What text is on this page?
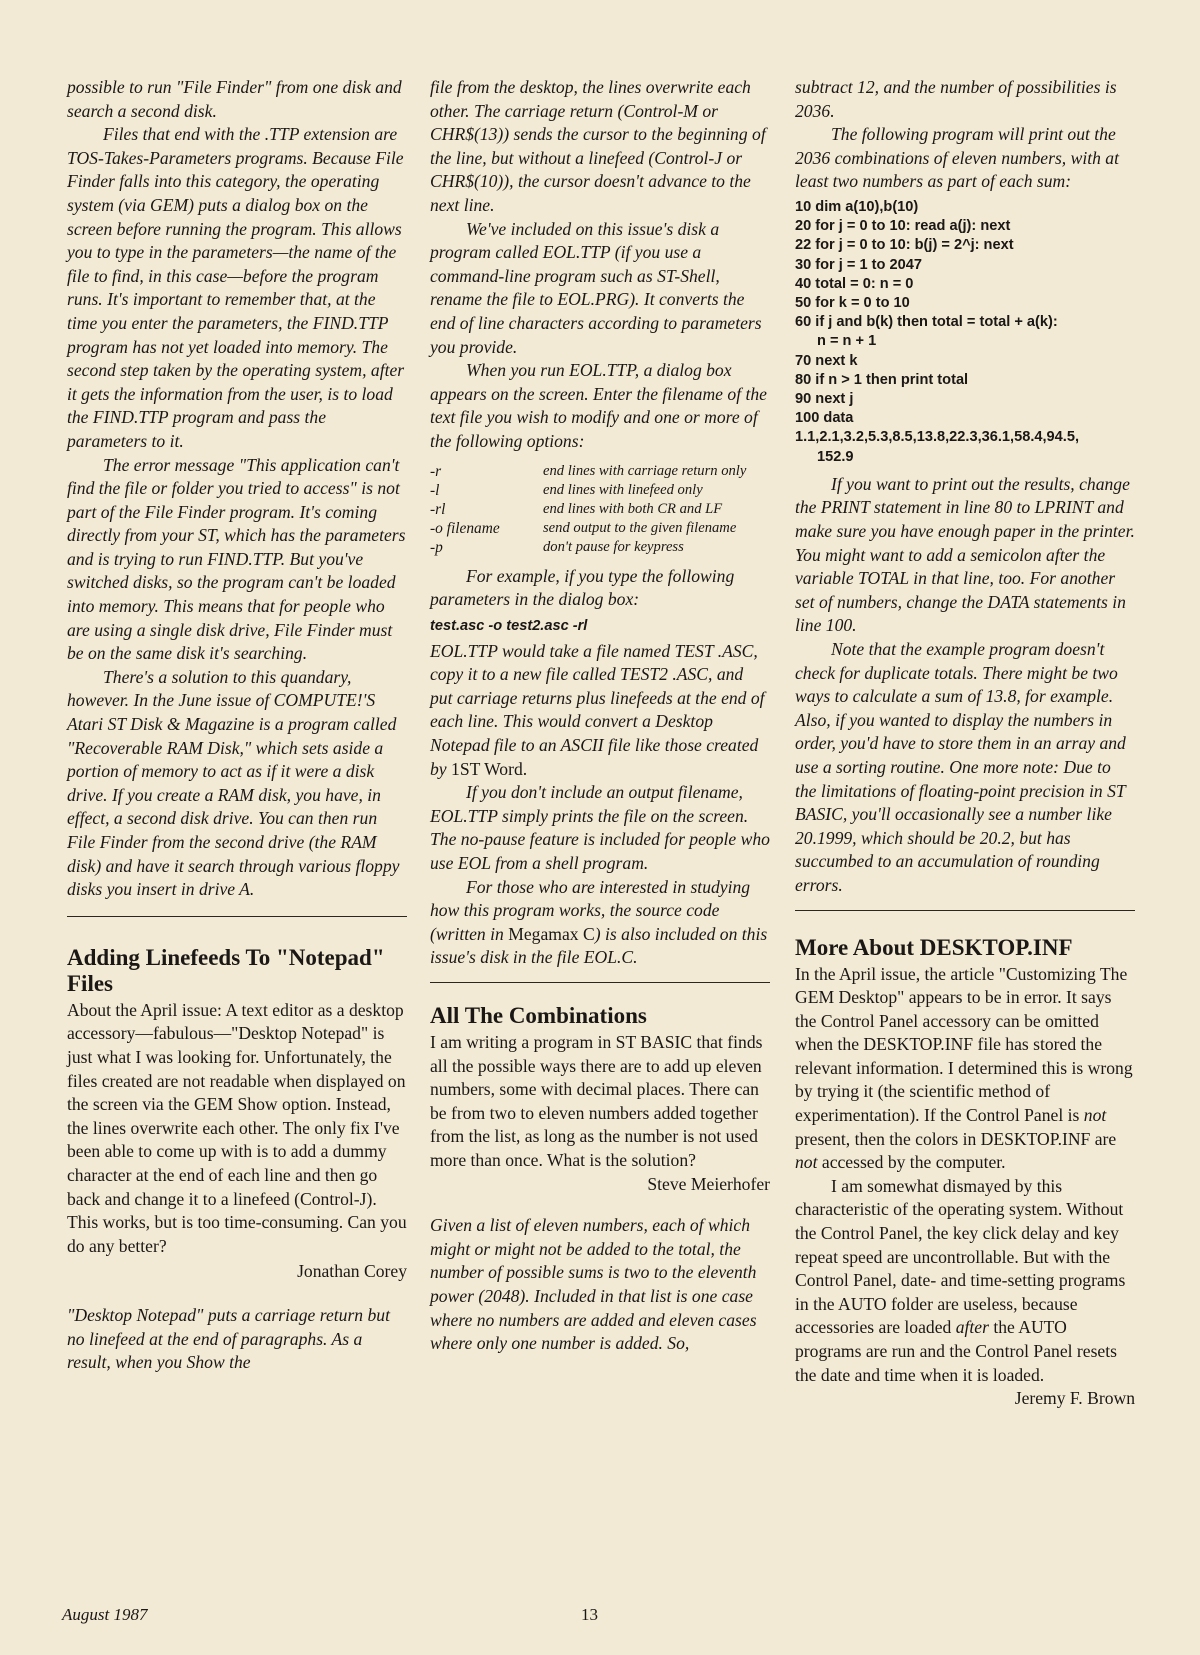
possible to run "File Finder" from one disk and search a second disk.

Files that end with the .TTP extension are TOS-Takes-Parameters programs. Because File Finder falls into this category, the operating system (via GEM) puts a dialog box on the screen before running the program. This allows you to type in the parameters—the name of the file to find, in this case—before the program runs. It's important to remember that, at the time you enter the parameters, the FIND.TTP program has not yet loaded into memory. The second step taken by the operating system, after it gets the information from the user, is to load the FIND.TTP program and pass the parameters to it.

The error message "This application can't find the file or folder you tried to access" is not part of the File Finder program. It's coming directly from your ST, which has the parameters and is trying to run FIND.TTP. But you've switched disks, so the program can't be loaded into memory. This means that for people who are using a single disk drive, File Finder must be on the same disk it's searching.

There's a solution to this quandary, however. In the June issue of COMPUTE!'S Atari ST Disk & Magazine is a program called "Recoverable RAM Disk," which sets aside a portion of memory to act as if it were a disk drive. If you create a RAM disk, you have, in effect, a second disk drive. You can then run File Finder from the second drive (the RAM disk) and have it search through various floppy disks you insert in drive A.

Adding Linefeeds To "Notepad" Files

About the April issue: A text editor as a desktop accessory—fabulous—"Desktop Notepad" is just what I was looking for. Unfortunately, the files created are not readable when displayed on the screen via the GEM Show option. Instead, the lines overwrite each other. The only fix I've been able to come up with is to add a dummy character at the end of each line and then go back and change it to a linefeed (Control-J). This works, but is too time-consuming. Can you do any better?

Jonathan Corey

"Desktop Notepad" puts a carriage return but no linefeed at the end of paragraphs. As a result, when you Show the

file from the desktop, the lines overwrite each other. The carriage return (Control-M or CHR$(13)) sends the cursor to the beginning of the line, but without a linefeed (Control-J or CHR$(10)), the cursor doesn't advance to the next line.

We've included on this issue's disk a program called EOL.TTP (if you use a command-line program such as ST-Shell, rename the file to EOL.PRG). It converts the end of line characters according to parameters you provide.

When you run EOL.TTP, a dialog box appears on the screen. Enter the filename of the text file you wish to modify and one or more of the following options:

-r	end lines with carriage return only
-l	end lines with linefeed only
-rl	end lines with both CR and LF
-o filename	send output to the given filename
-p	don't pause for keypress

For example, if you type the following parameters in the dialog box:

test.asc -o test2.asc -rl

EOL.TTP would take a file named TEST .ASC, copy it to a new file called TEST2 .ASC, and put carriage returns plus linefeeds at the end of each line. This would convert a Desktop Notepad file to an ASCII file like those created by 1ST Word.

If you don't include an output filename, EOL.TTP simply prints the file on the screen. The no-pause feature is included for people who use EOL from a shell program.

For those who are interested in studying how this program works, the source code (written in Megamax C) is also included on this issue's disk in the file EOL.C.

All The Combinations

I am writing a program in ST BASIC that finds all the possible ways there are to add up eleven numbers, some with decimal places. There can be from two to eleven numbers added together from the list, as long as the number is not used more than once. What is the solution?

Steve Meierhofer

Given a list of eleven numbers, each of which might or might not be added to the total, the number of possible sums is two to the eleventh power (2048). Included in that list is one case where no numbers are added and eleven cases where only one number is added. So,

subtract 12, and the number of possibilities is 2036.

The following program will print out the 2036 combinations of eleven numbers, with at least two numbers as part of each sum:

10 dim a(10),b(10)
20 for j = 0 to 10: read a(j): next
22 for j = 0 to 10: b(j) = 2^j: next
30 for j = 1 to 2047
40 total = 0: n = 0
50 for k = 0 to 10
60 if j and b(k) then total = total + a(k):
n = n + 1
70 next k
80 if n > 1 then print total
90 next j
100 data
1.1,2.1,3.2,5.3,8.5,13.8,22.3,36.1,58.4,94.5,
152.9

If you want to print out the results, change the PRINT statement in line 80 to LPRINT and make sure you have enough paper in the printer. You might want to add a semicolon after the variable TOTAL in that line, too. For another set of numbers, change the DATA statements in line 100.

Note that the example program doesn't check for duplicate totals. There might be two ways to calculate a sum of 13.8, for example. Also, if you wanted to display the numbers in order, you'd have to store them in an array and use a sorting routine. One more note: Due to the limitations of floating-point precision in ST BASIC, you'll occasionally see a number like 20.1999, which should be 20.2, but has succumbed to an accumulation of rounding errors.

More About DESKTOP.INF

In the April issue, the article "Customizing The GEM Desktop" appears to be in error. It says the Control Panel accessory can be omitted when the DESKTOP.INF file has stored the relevant information. I determined this is wrong by trying it (the scientific method of experimentation). If the Control Panel is not present, then the colors in DESKTOP.INF are not accessed by the computer.

I am somewhat dismayed by this characteristic of the operating system. Without the Control Panel, the key click delay and key repeat speed are uncontrollable. But with the Control Panel, date- and time-setting programs in the AUTO folder are useless, because accessories are loaded after the AUTO programs are run and the Control Panel resets the date and time when it is loaded.

Jeremy F. Brown
August 1987	13
